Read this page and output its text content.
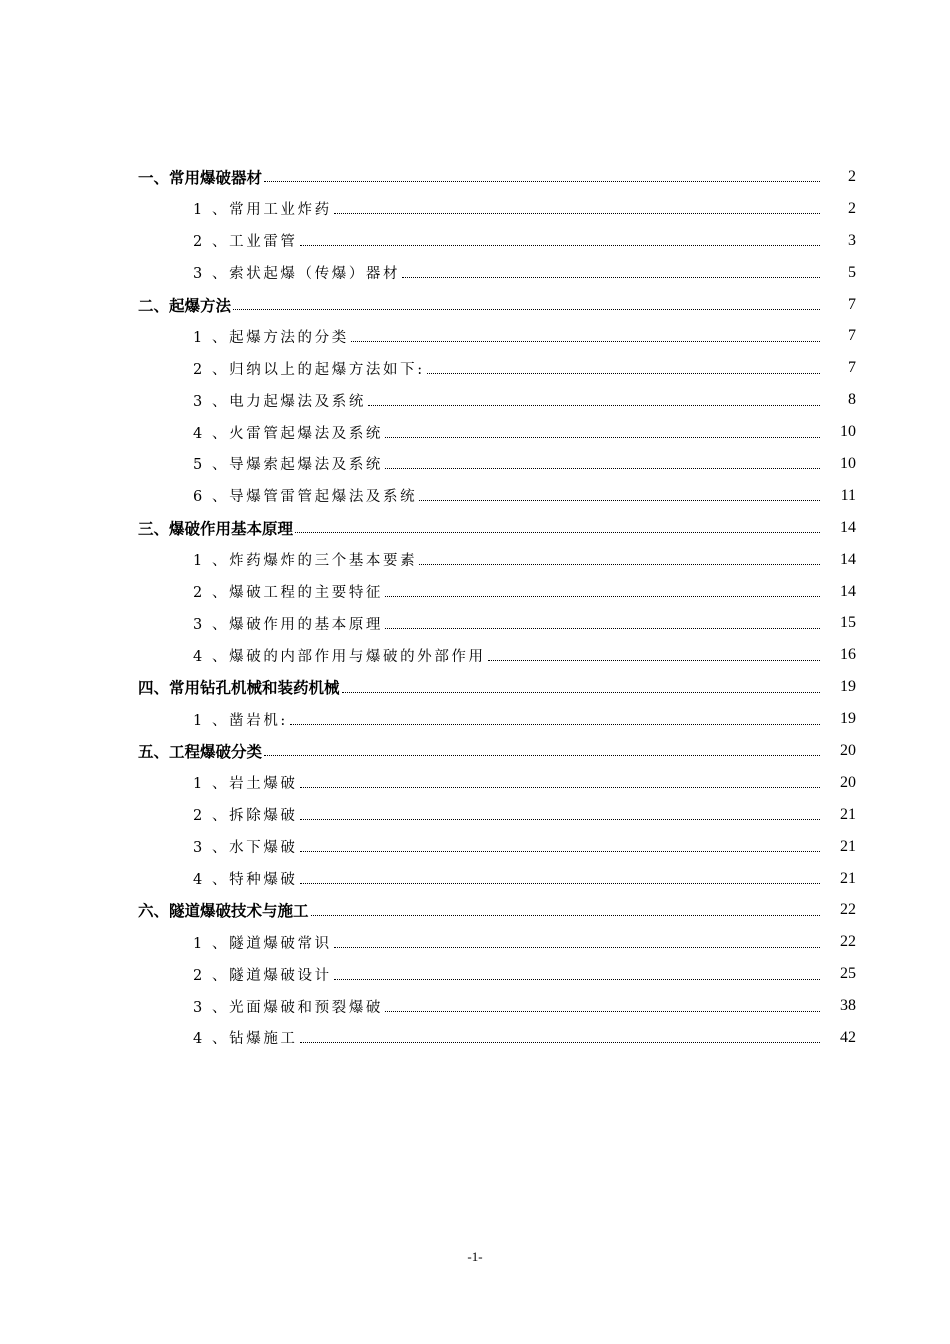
一、常用爆破器材	2
1 、常用工业炸药	2
2 、工业雷管	3
3 、索状起爆（传爆）器材	5
二、起爆方法	7
1 、起爆方法的分类	7
2 、归纳以上的起爆方法如下:	7
3 、电力起爆法及系统	8
4 、火雷管起爆法及系统	10
5 、导爆索起爆法及系统	10
6 、导爆管雷管起爆法及系统	11
三、爆破作用基本原理	14
1 、炸药爆炸的三个基本要素	14
2 、爆破工程的主要特征	14
3 、爆破作用的基本原理	15
4 、爆破的内部作用与爆破的外部作用	16
四、常用钻孔机械和装药机械	19
1 、凿岩机:	19
五、工程爆破分类	20
1 、岩土爆破	20
2 、拆除爆破	21
3 、水下爆破	21
4 、特种爆破	21
六、隧道爆破技术与施工	22
1 、隧道爆破常识	22
2 、隧道爆破设计	25
3 、光面爆破和预裂爆破	38
4 、钻爆施工	42
-1-
